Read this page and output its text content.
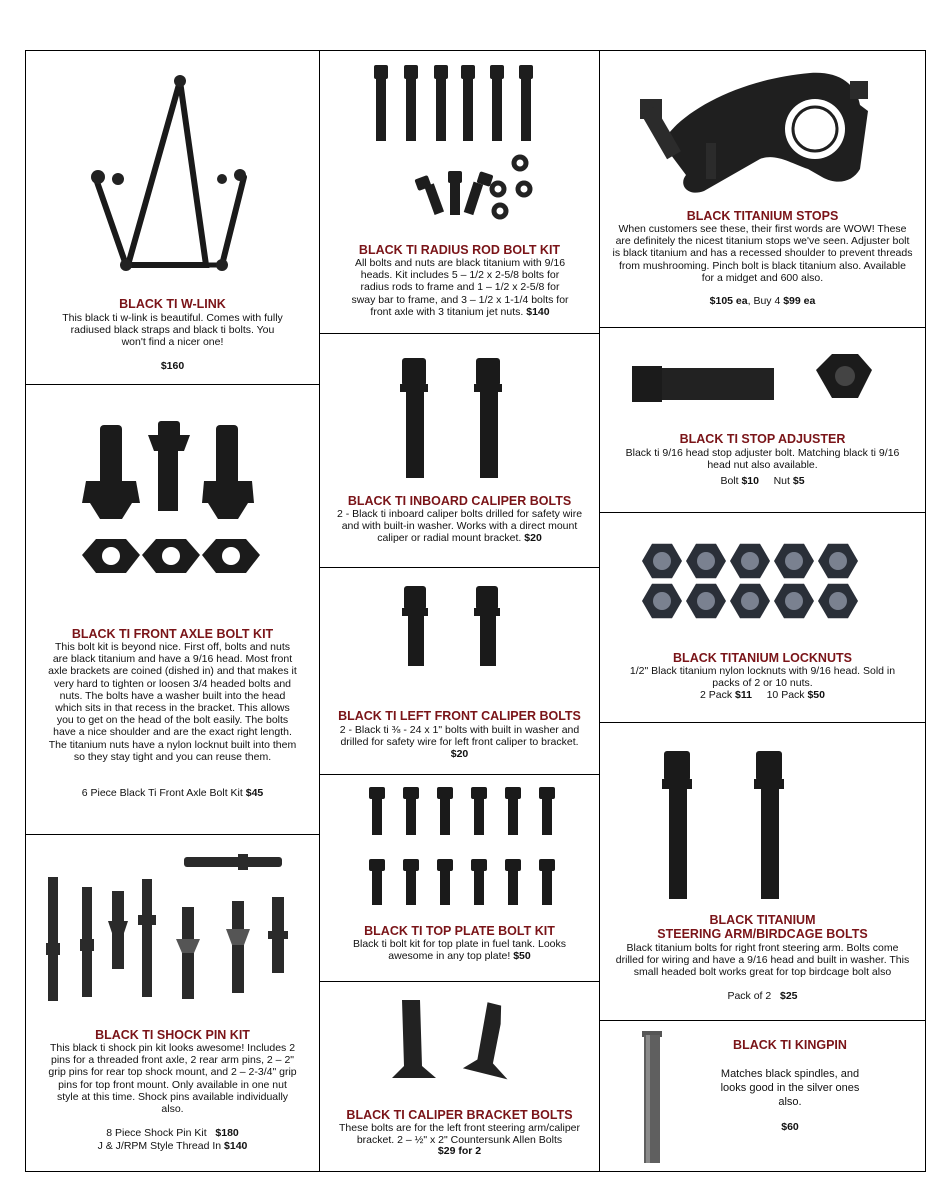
BLACK TI W-LINK
This black ti w-link is beautiful. Comes with fully radiused black straps and black ti bolts. You won't find a nicer one!
$160
BLACK TI RADIUS ROD BOLT KIT
All bolts and nuts are black titanium with 9/16 heads. Kit includes 5 – 1/2 x 2-5/8 bolts for radius rods to frame and 1 – 1/2 x 2-5/8 for sway bar to frame, and 3 – 1/2 x 1-1/4 bolts for front axle with 3 titanium jet nuts. $140
BLACK TITANIUM STOPS
When customers see these, their first words are WOW! These are definitely the nicest titanium stops we've seen. Adjuster bolt is black titanium and has a recessed shoulder to prevent threads from mushrooming. Pinch bolt is black titanium also. Available for a midget and 600 also.
$105 ea, Buy 4 $99 ea
BLACK TI FRONT AXLE BOLT KIT
This bolt kit is beyond nice. First off, bolts and nuts are black titanium and have a 9/16 head. Most front axle brackets are coined (dished in) and that makes it very hard to tighten or loosen 3/4 headed bolts and nuts. The bolts have a washer built into the head which sits in that recess in the bracket. This allows you to get on the head of the bolt easily. The bolts have a nice shoulder and are the exact right length. The titanium nuts have a nylon locknut built into them so they stay tight and you can reuse them.
6 Piece Black Ti Front Axle Bolt Kit $45
BLACK TI STOP ADJUSTER
Black ti 9/16 head stop adjuster bolt. Matching black ti 9/16 head nut also available.
Bolt $10 Nut $5
BLACK TI INBOARD CALIPER BOLTS
2 - Black ti inboard caliper bolts drilled for safety wire and with built-in washer. Works with a direct mount caliper or radial mount bracket. $20
BLACK TITANIUM LOCKNUTS
1/2" Black titanium nylon locknuts with 9/16 head. Sold in packs of 2 or 10 nuts.
2 Pack $11 10 Pack $50
BLACK TI LEFT FRONT CALIPER BOLTS
2 - Black ti ⅜ - 24 x 1" bolts with built in washer and drilled for safety wire for left front caliper to bracket.
$20
BLACK TI SHOCK PIN KIT
This black ti shock pin kit looks awesome! Includes 2 pins for a threaded front axle, 2 rear arm pins, 2 – 2" grip pins for rear top shock mount, and 2 – 2-3/4" grip pins for top front mount. Only available in one nut style at this time. Shock pins available individually also.
8 Piece Shock Pin Kit   $180
J & J/RPM Style Thread In $140
BLACK TI TOP PLATE BOLT KIT
Black ti bolt kit for top plate in fuel tank. Looks awesome in any top plate! $50
BLACK TITANIUM
STEERING ARM/BIRDCAGE BOLTS
Black titanium bolts for right front steering arm. Bolts come drilled for wiring and have a 9/16 head and built in washer. This small headed bolt works great for top birdcage bolt also
Pack of 2   $25
BLACK TI CALIPER BRACKET BOLTS
These bolts are for the left front steering arm/caliper bracket. 2 – ½" x 2" Countersunk Allen Bolts
$29 for 2
BLACK TI KINGPIN
Matches black spindles, and looks good in the silver ones also.
$60
